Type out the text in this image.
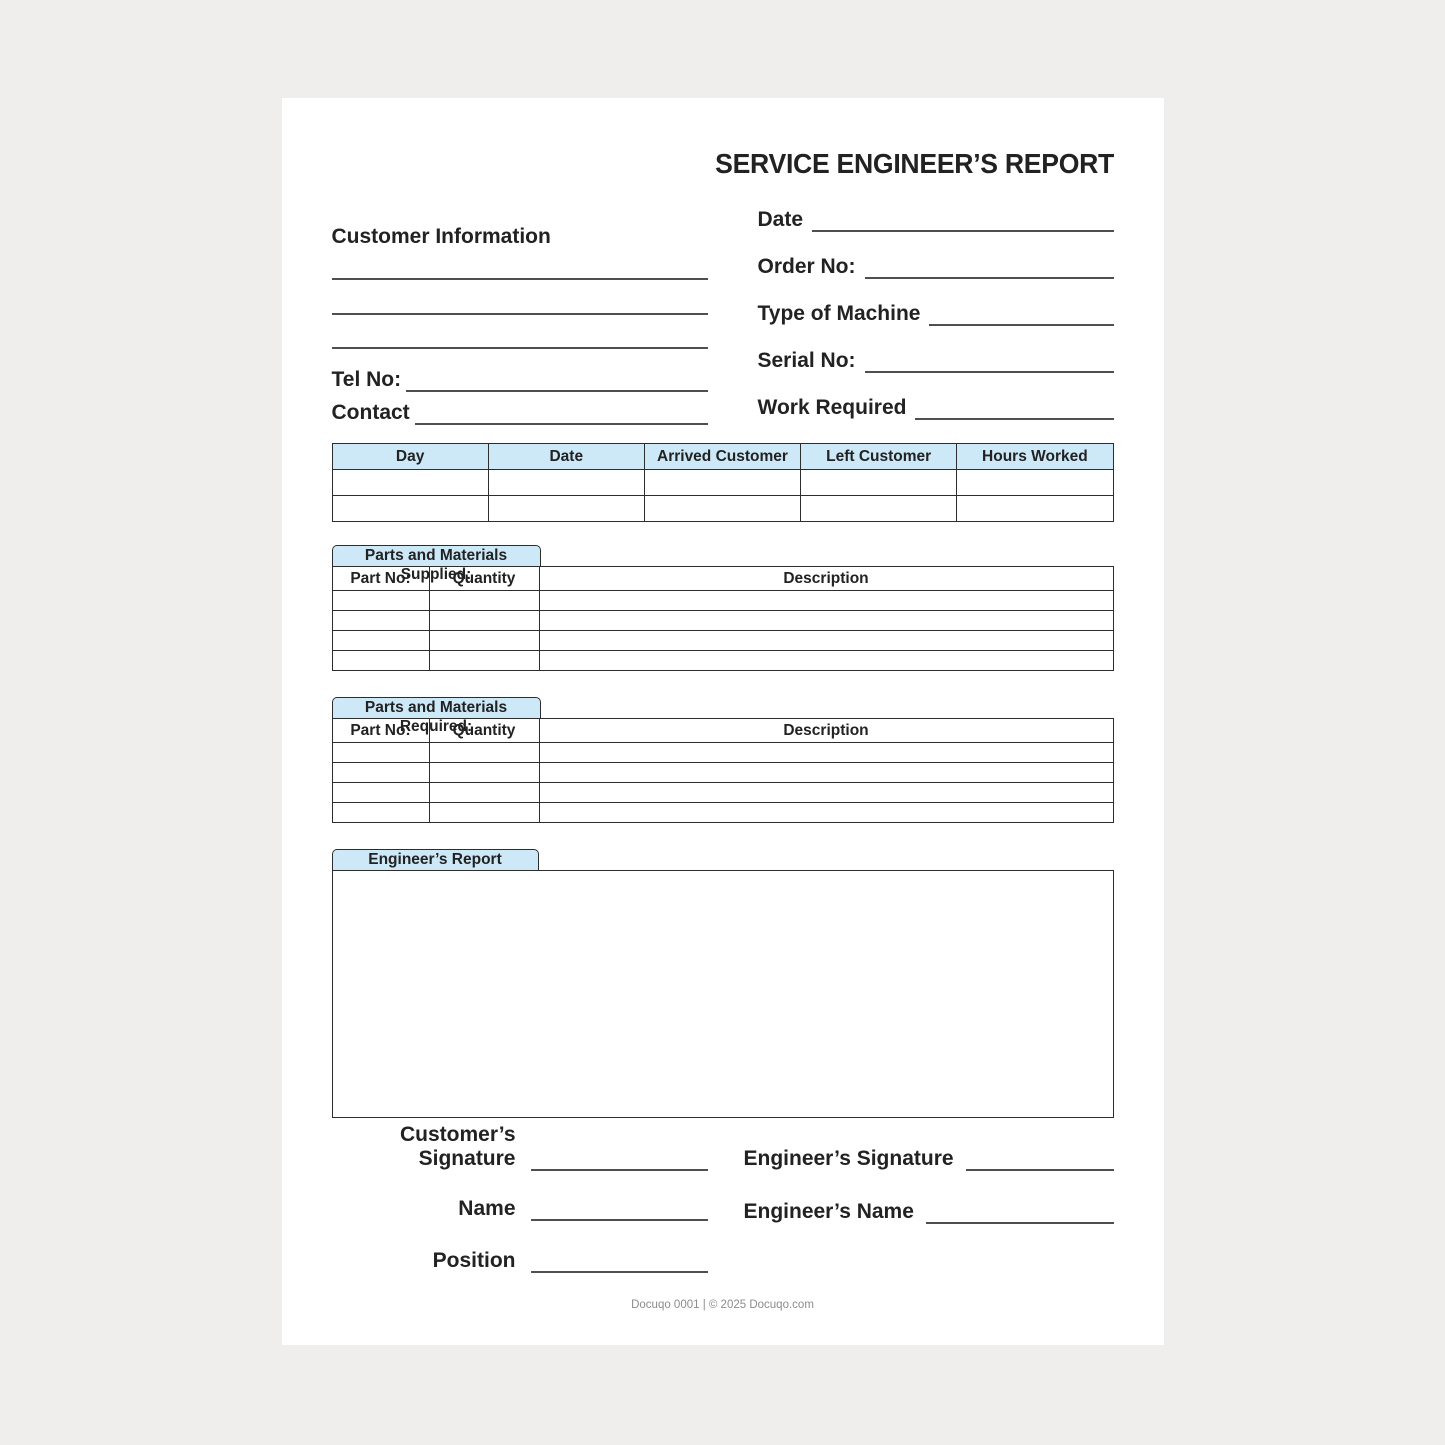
SERVICE ENGINEER’S REPORT
Customer Information
Tel No:
Contact
Date
Order No:
Type of Machine
Serial No:
Work Required
Day	Date	Arrived Customer	Left Customer	Hours Worked

Parts and Materials Supplied:
Part No:	Quantity	Description

Parts and Materials Required:
Part No:	Quantity	Description

Engineer’s Report
Customer’s Signature
Name
Position
Engineer’s Signature
Engineer’s Name
Docuqo 0001 | © 2025 Docuqo.com
